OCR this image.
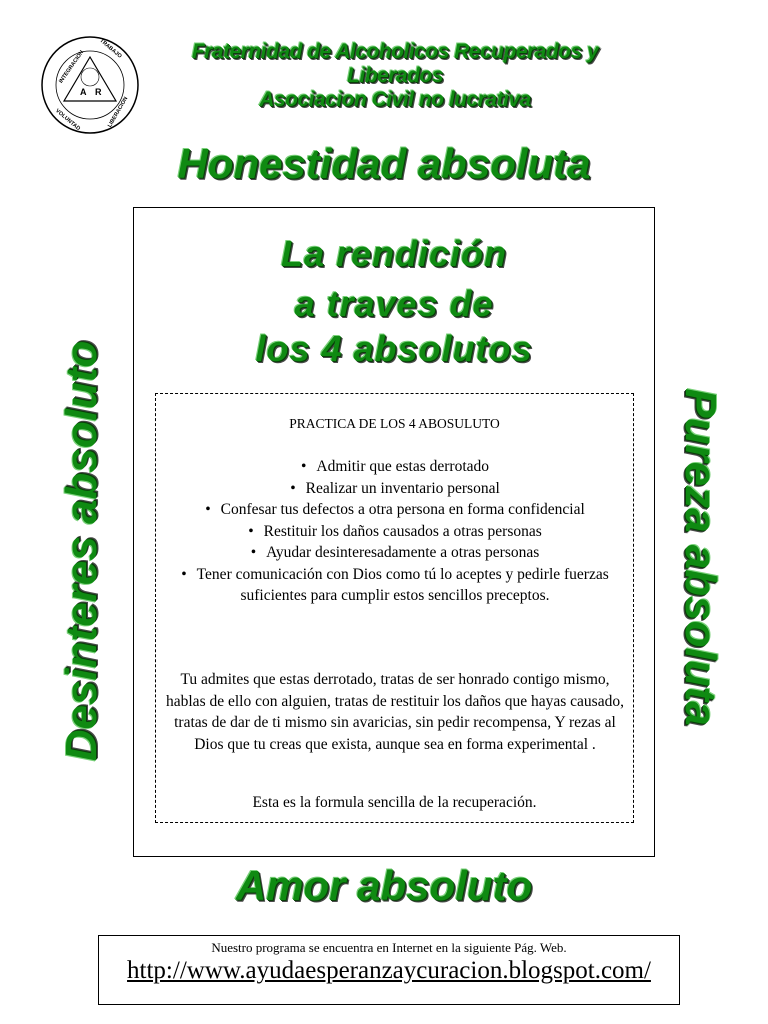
A R
INTEGRACION
TRABAJO
VOLUNTAD	LIBERACION
Fraternidad de Alcoholicos Recuperados y Liberados
Asociacion Civil no lucrativa
Honestidad absoluta
Desinteres absoluto	Pureza absoluta
La rendición
a traves de
los 4 absolutos
PRACTICA DE LOS 4 ABOSULUTO
• Admitir que estas derrotado
• Realizar un inventario personal
• Confesar tus defectos a otra persona en forma confidencial
• Restituir los daños causados a otras personas
• Ayudar desinteresadamente a otras personas
• Tener comunicación con Dios como tú lo aceptes y pedirle fuerzas suficientes para cumplir estos sencillos preceptos.

Tu admites que estas derrotado, tratas de ser honrado contigo mismo, hablas de ello con alguien, tratas de restituir los daños que hayas causado, tratas de dar de ti mismo sin avaricias, sin pedir recompensa, Y rezas al Dios que tu creas que exista, aunque sea en forma experimental .

Esta es la formula sencilla de la recuperación.

Amor absoluto
Nuestro programa se encuentra en Internet en la siguiente Pág. Web.
http://www.ayudaesperanzaycuracion.blogspot.com/
